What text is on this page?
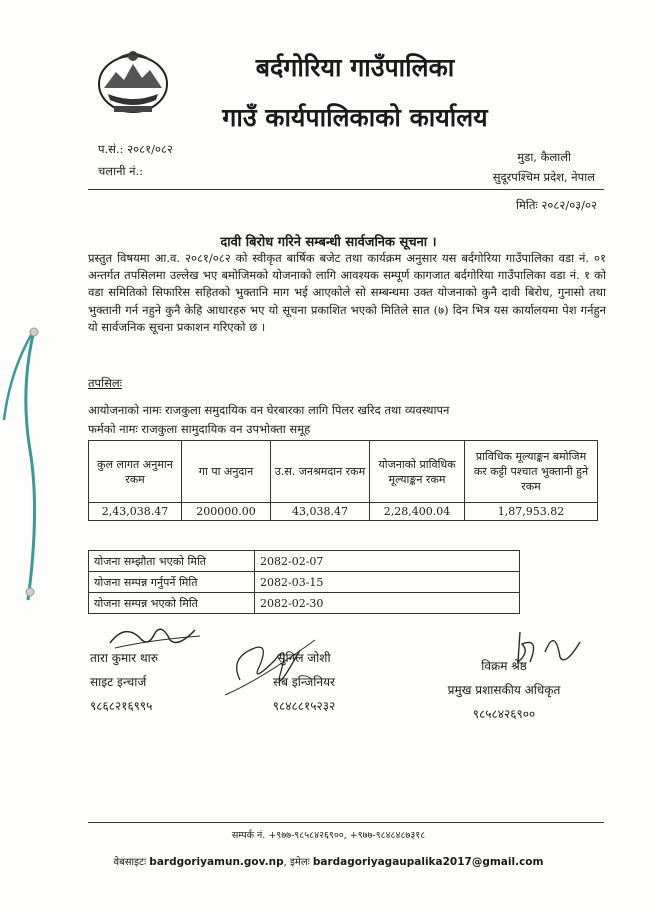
बर्दगोरिया गाउँपालिका
गाउँ कार्यपालिकाको कार्यालय
प.सं.: २०८१/०८२
चलानी नं.:
मुडा, कैलाली
सुदूरपश्चिम प्रदेश, नेपाल
मितिः २०८२/०३/०२
दावी बिरोध गरिने सम्बन्धी सार्वजनिक सूचना ।
प्रस्तुत विषयमा आ.व. २०८१/०८२ को स्वीकृत बार्षिक बजेट तथा कार्यक्रम अनुसार यस बर्दगोरिया गाउँपालिका वडा नं. ०१ अन्तर्गत तपसिलमा उल्लेख भए बमोजिमको योजनाको लागि आवश्यक सम्पूर्ण कागजात बर्दगोरिया गाउँपालिका वडा नं. १ को वडा समितिको सिफारिस सहितको भुक्तानि माग भई आएकोले सो सम्बन्धमा उक्त योजनाको कुनै दावी बिरोध, गुनासो तथा भुक्तानी गर्न नहुने कुनै केहि आधारहरु भए यो सूचना प्रकाशित भएको मितिले सात (७) दिन भित्र यस कार्यालयमा पेश गर्नहुन यो सार्वजनिक सूचना प्रकाशन गरिएको छ ।
तपसिलः
आयोजनाको नामः राजकुला समुदायिक वन घेरबारका लागि पिलर खरिद तथा व्यवस्थापन
फर्मको नामः राजकुला सामुदायिक वन उपभोक्ता समूह
कुल लागत अनुमान रकम	गा पा अनुदान	उ.स. जनश्रमदान रकम	योजनाको प्राविधिक मूल्याङ्कन रकम	प्राविधिक मूल्याङ्कन बमोजिम कर कट्टी पश्चात भुक्तानी हुने रकम
2,43,038.47	200000.00	43,038.47	2,28,400.04	1,87,953.82
योजना सम्झौता भएको मिति	2082-02-07
योजना सम्पन्न गर्नुपर्ने मिति	2082-03-15
योजना सम्पन्न भएको मिति	2082-02-30
तारा कुमार थारु
साइट इन्चार्ज
९८६८२१६९९५
सुनिल जोशी
सब इन्जिनियर
९८४८८१५२३२
विक्रम श्रेष्ठ
प्रमुख प्रशासकीय अधिकृत
९८५८४२६९००
सम्पर्क नं. +९७७-९८५८४२६९००, +९७७-९८४८४८७३१८
वेबसाइटः bardgoriyamun.gov.np, इमेलः bardagoriyagaupalika2017@gmail.com
